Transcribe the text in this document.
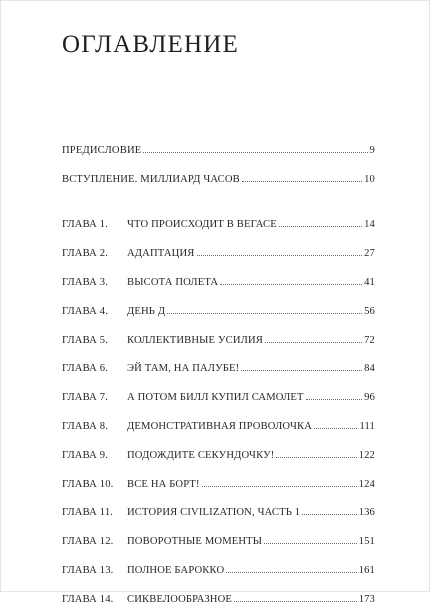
ОГЛАВЛЕНИЕ
ПРЕДИСЛОВИЕ	9
ВСТУПЛЕНИЕ. МИЛЛИАРД ЧАСОВ	10
ГЛАВА 1.	ЧТО ПРОИСХОДИТ В ВЕГАСЕ	14
ГЛАВА 2.	АДАПТАЦИЯ	27
ГЛАВА 3.	ВЫСОТА ПОЛЕТА	41
ГЛАВА 4.	ДЕНЬ Д	56
ГЛАВА 5.	КОЛЛЕКТИВНЫЕ УСИЛИЯ	72
ГЛАВА 6.	ЭЙ ТАМ, НА ПАЛУБЕ!	84
ГЛАВА 7.	А ПОТОМ БИЛЛ КУПИЛ САМОЛЕТ	96
ГЛАВА 8.	ДЕМОНСТРАТИВНАЯ ПРОВОЛОЧКА	111
ГЛАВА 9.	ПОДОЖДИТЕ СЕКУНДОЧКУ!	122
ГЛАВА 10.	ВСЕ НА БОРТ!	124
ГЛАВА 11.	ИСТОРИЯ CIVILIZATION, ЧАСТЬ 1	136
ГЛАВА 12.	ПОВОРОТНЫЕ МОМЕНТЫ	151
ГЛАВА 13.	ПОЛНОЕ БАРОККО	161
ГЛАВА 14.	СИКВЕЛООБРАЗНОЕ	173
